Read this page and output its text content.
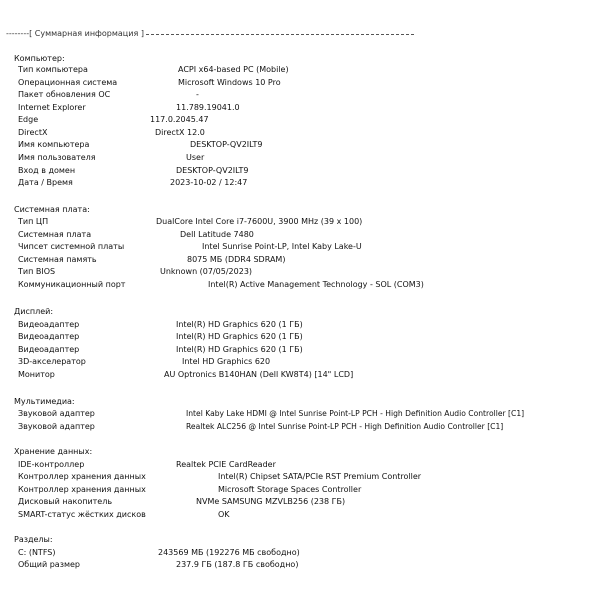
--------[ Суммарная информация ]
Компьютер:
Тип компьютера	ACPI x64-based PC (Mobile)
Операционная система	Microsoft Windows 10 Pro
Пакет обновления ОС	-
Internet Explorer	11.789.19041.0
Edge	117.0.2045.47
DirectX	DirectX 12.0
Имя компьютера	DESKTOP-QV2ILT9
Имя пользователя	User
Вход в домен	DESKTOP-QV2ILT9
Дата / Время	2023-10-02 / 12:47
Системная плата:
Тип ЦП	DualCore Intel Core i7-7600U, 3900 MHz (39 x 100)
Системная плата	Dell Latitude 7480
Чипсет системной платы	Intel Sunrise Point-LP, Intel Kaby Lake-U
Системная память	8075 МБ (DDR4 SDRAM)
Тип BIOS	Unknown (07/05/2023)
Коммуникационный порт	Intel(R) Active Management Technology - SOL (COM3)
Дисплей:
Видеоадаптер	Intel(R) HD Graphics 620 (1 ГБ)
Видеоадаптер	Intel(R) HD Graphics 620 (1 ГБ)
Видеоадаптер	Intel(R) HD Graphics 620 (1 ГБ)
3D-акселератор	Intel HD Graphics 620
Монитор	AU Optronics B140HAN (Dell KW8T4) [14" LCD]
Мультимедиа:
Звуковой адаптер	Intel Kaby Lake HDMI @ Intel Sunrise Point-LP PCH - High Definition Audio Controller [C1]
Звуковой адаптер	Realtek ALC256 @ Intel Sunrise Point-LP PCH - High Definition Audio Controller [C1]
Хранение данных:
IDE-контроллер	Realtek PCIE CardReader
Контроллер хранения данных	Intel(R) Chipset SATA/PCIe RST Premium Controller
Контроллер хранения данных	Microsoft Storage Spaces Controller
Дисковый накопитель	NVMe SAMSUNG MZVLB256 (238 ГБ)
SMART-статус жёстких дисков	OK
Разделы:
C: (NTFS)	243569 МБ (192276 МБ свободно)
Общий размер	237.9 ГБ (187.8 ГБ свободно)
